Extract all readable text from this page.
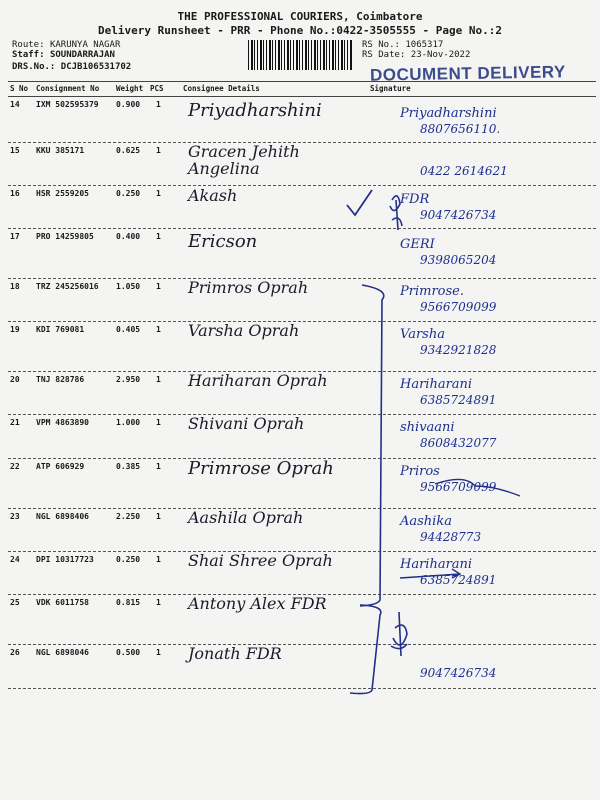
THE PROFESSIONAL COURIERS, Coimbatore
Delivery Runsheet - PRR - Phone No.:0422-3505555 - Page No.:2
Route: KARUNYA NAGAR
Staff: SOUNDARRAJAN
DRS.No.: DCJB106531702
RS No.: 1065317
RS Date: 23-Nov-2022
DOCUMENT DELIVERY
S No Consignment No Weight PCS	Consignee Details	Signature
14 IXM 502595379 0.900 1 Priyadharshini	Priyadharshini
8807656110.
15 KKU 385171	0.625 1 Gracen Jehith Angelina	0422 2614621
16 HSR 2559205	0.250 1 Akash	FDR
9047426734
17 PRO 14259805	0.400 1 Ericson	GERI
9398065204
18 TRZ 245256016 1.050 1 Primros Oprah	Primrose.
9566709099
19 KDI 769081	0.405 1 Varsha Oprah	Varsha
9342921828
20 TNJ 828786	2.950 1 Hariharan Oprah	Hariharani
6385724891
21 VPM 4863890	1.000 1 Shivani Oprah	shivaani
8608432077
22 ATP 606929	0.385 1 Primrose Oprah	Priros
9566709099
23 NGL 6898406	2.250 1 Aashila Oprah	Aashika
94428773
24 DPI 10317723	0.250 1 Shai Shree Oprah	Hariharani
6385724891
25 VDK 6011758	0.815 1 Antony Alex FDR
26 NGL 6898046	0.500 1 Jonath FDR
9047426734
